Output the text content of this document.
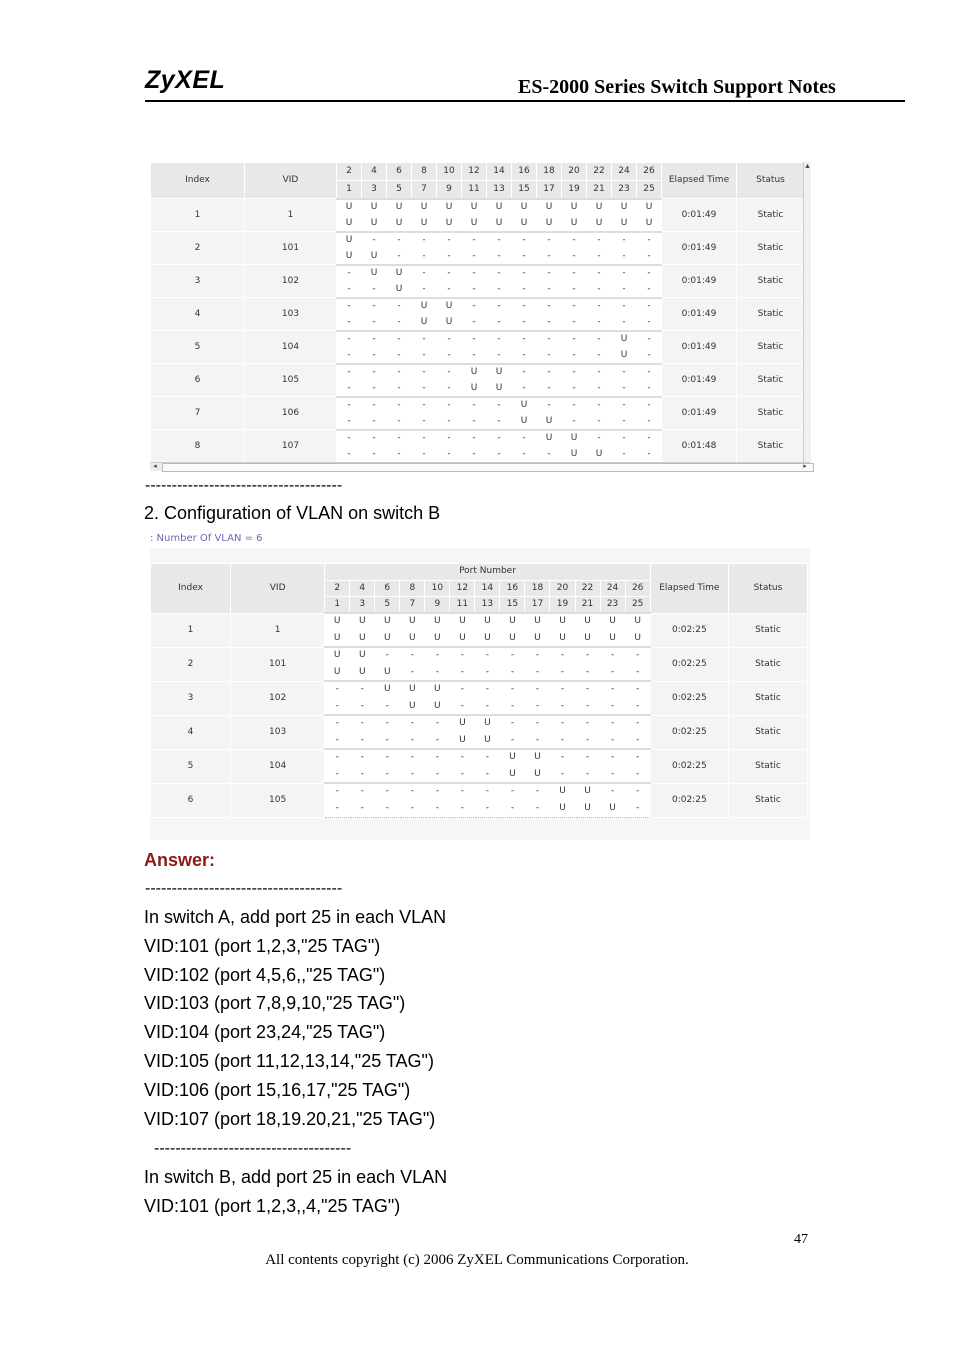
ZyXEL	ES-2000 Series Switch Support Notes
Index	VID	2	4	6	8	10	12	14	16	18	20	22	24	26	Elapsed Time	Status
		1	3	5	7	9	11	13	15	17	19	21	23	25		
1	1	U	U	U	U	U	U	U	U	U	U	U	U	U	0:01:49	Static
		U	U	U	U	U	U	U	U	U	U	U	U	U		
2	101	U	-	-	-	-	-	-	-	-	-	-	-	-	0:01:49	Static
		U	U	-	-	-	-	-	-	-	-	-	-	-		
3	102	-	U	U	-	-	-	-	-	-	-	-	-	-	0:01:49	Static
		-	-	U	-	-	-	-	-	-	-	-	-	-		
4	103	-	-	-	U	U	-	-	-	-	-	-	-	-	0:01:49	Static
		-	-	-	U	U	-	-	-	-	-	-	-	-		
5	104	-	-	-	-	-	-	-	-	-	-	-	U	-	0:01:49	Static
		-	-	-	-	-	-	-	-	-	-	-	U	-		
6	105	-	-	-	-	-	U	U	-	-	-	-	-	-	0:01:49	Static
		-	-	-	-	-	U	U	-	-	-	-	-	-		
7	106	-	-	-	-	-	-	-	U	-	-	-	-	-	0:01:49	Static
		-	-	-	-	-	-	-	U	U	-	-	-	-		
8	107	-	-	-	-	-	-	-	-	U	U	-	-	-	0:01:48	Static
		-	-	-	-	-	-	-	-	-	U	U	-	-		
▲
◂	▸
-------------------------------------
2. Configuration of VLAN on switch B
: Number Of VLAN = 6
Index	VID	Port Number													Elapsed Time	Status
		2	4	6	8	10	12	14	16	18	20	22	24	26		
		1	3	5	7	9	11	13	15	17	19	21	23	25		
1	1	U	U	U	U	U	U	U	U	U	U	U	U	U	0:02:25	Static
		U	U	U	U	U	U	U	U	U	U	U	U	U		
2	101	U	U	-	-	-	-	-	-	-	-	-	-	-	0:02:25	Static
		U	U	U	-	-	-	-	-	-	-	-	-	-		
3	102	-	-	U	U	U	-	-	-	-	-	-	-	-	0:02:25	Static
		-	-	-	U	U	-	-	-	-	-	-	-	-		
4	103	-	-	-	-	-	U	U	-	-	-	-	-	-	0:02:25	Static
		-	-	-	-	-	U	U	-	-	-	-	-	-		
5	104	-	-	-	-	-	-	-	U	U	-	-	-	-	0:02:25	Static
		-	-	-	-	-	-	-	U	U	-	-	-	-		
6	105	-	-	-	-	-	-	-	-	-	U	U	-	-	0:02:25	Static
		-	-	-	-	-	-	-	-	-	U	U	U	-		
Answer:
-------------------------------------
In switch A, add port 25 in each VLAN
VID:101 (port 1,2,3,"25 TAG")
VID:102 (port 4,5,6,,"25 TAG")
VID:103 (port 7,8,9,10,"25 TAG")
VID:104 (port 23,24,"25 TAG")
VID:105 (port 11,12,13,14,"25 TAG")
VID:106 (port 15,16,17,"25 TAG")
VID:107 (port 18,19.20,21,"25 TAG")
-------------------------------------
In switch B, add port 25 in each VLAN
VID:101 (port 1,2,3,,4,"25 TAG")
47
All contents copyright (c) 2006 ZyXEL Communications Corporation.
